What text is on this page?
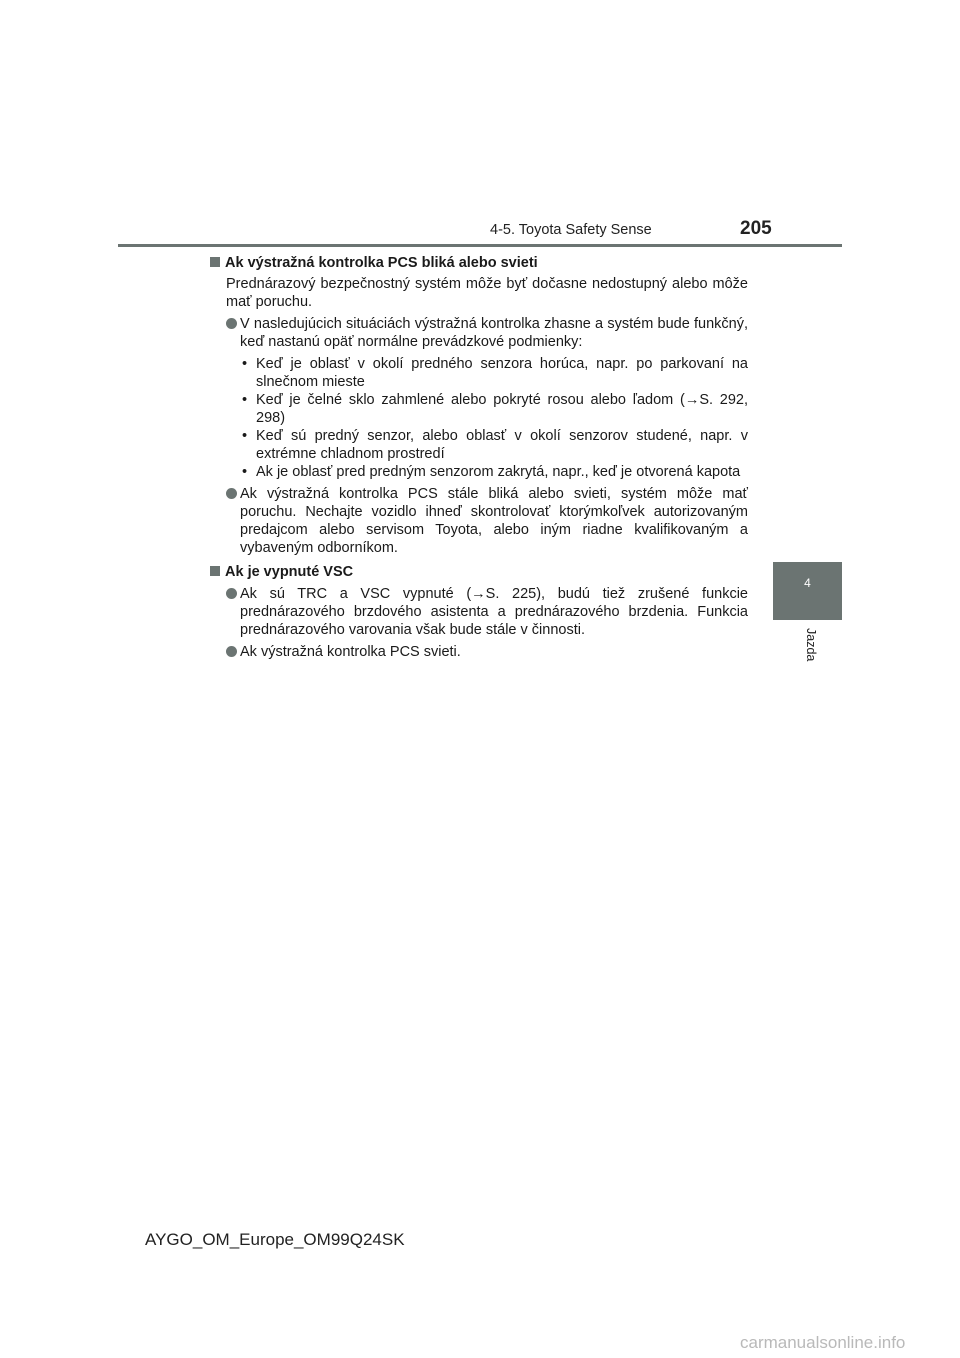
4-5. Toyota Safety Sense	205
4
Jazda

Ak výstražná kontrolka PCS bliká alebo svieti

Prednárazový bezpečnostný systém môže byť dočasne nedostupný alebo môže mať poruchu.

V nasledujúcich situáciách výstražná kontrolka zhasne a systém bude funkčný, keď nastanú opäť normálne prevádzkové podmienky:
• Keď je oblasť v okolí predného senzora horúca, napr. po parkovaní na slnečnom mieste
• Keď je čelné sklo zahmlené alebo pokryté rosou alebo ľadom (→S. 292, 298)
• Keď sú predný senzor, alebo oblasť v okolí senzorov studené, napr. v extrémne chladnom prostredí
• Ak je oblasť pred predným senzorom zakrytá, napr., keď je otvorená kapota
Ak výstražná kontrolka PCS stále bliká alebo svieti, systém môže mať poruchu. Nechajte vozidlo ihneď skontrolovať ktorýmkoľvek autorizovaným predajcom alebo servisom Toyota, alebo iným riadne kvalifikovaným a vybaveným odborníkom.

Ak je vypnuté VSC

Ak sú TRC a VSC vypnuté (→S. 225), budú tiež zrušené funkcie prednárazového brzdového asistenta a prednárazového brzdenia. Funkcia prednárazového varovania však bude stále v činnosti.
Ak výstražná kontrolka PCS svieti.
AYGO_OM_Europe_OM99Q24SK
carmanualsonline.info
